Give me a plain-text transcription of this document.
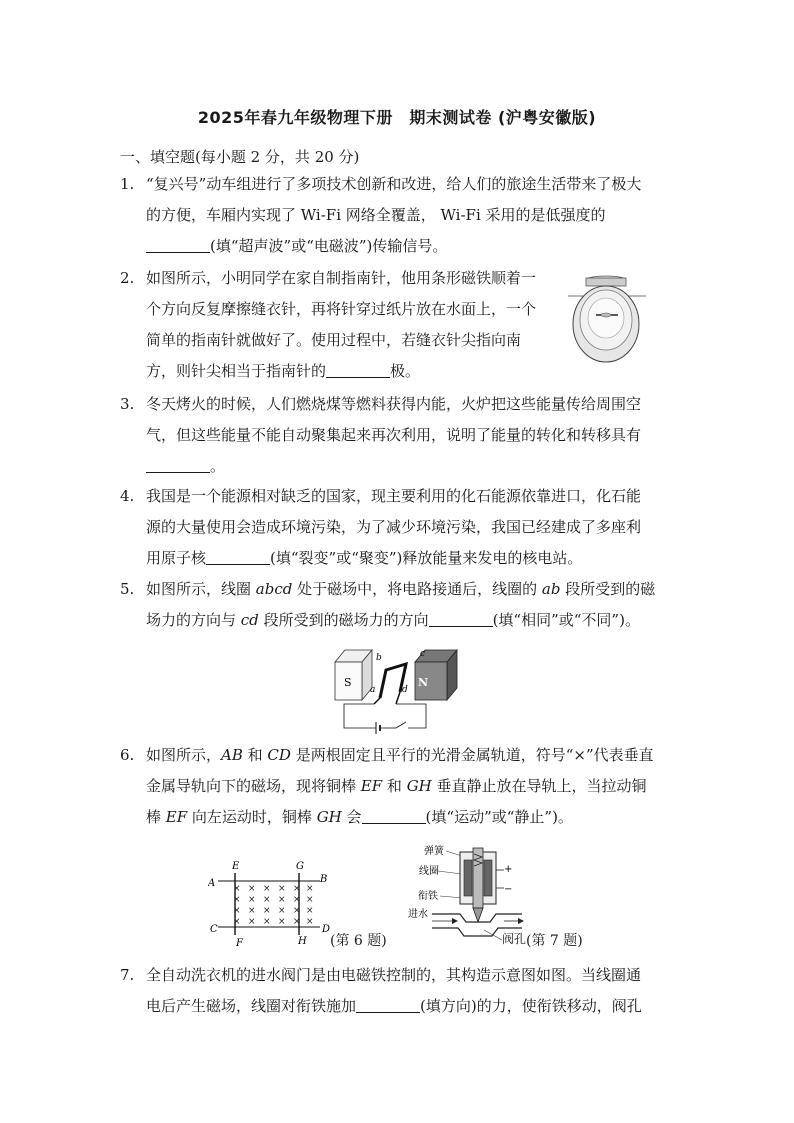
2025年春九年级物理下册　期末测试卷 (沪粤安徽版)
一、填空题(每小题 2 分，共 20 分)
1. “复兴号”动车组进行了多项技术创新和改进，给人们的旅途生活带来了极大
的方便，车厢内实现了 Wi-Fi 网络全覆盖， Wi-Fi 采用的是低强度的
(填“超声波”或“电磁波”)传输信号。
2. 如图所示，小明同学在家自制指南针，他用条形磁铁顺着一
个方向反复摩擦缝衣针，再将针穿过纸片放在水面上，一个
简单的指南针就做好了。使用过程中，若缝衣针尖指向南
方，则针尖相当于指南针的	极。
3. 冬天烤火的时候，人们燃烧煤等燃料获得内能，火炉把这些能量传给周围空
气，但这些能量不能自动聚集起来再次利用，说明了能量的转化和转移具有
。
4. 我国是一个能源相对缺乏的国家，现主要利用的化石能源依靠进口，化石能
源的大量使用会造成环境污染，为了减少环境污染，我国已经建成了多座利
用原子核	(填“裂变”或“聚变”)释放能量来发电的核电站。
5. 如图所示，线圈 abcd 处于磁场中，将电路接通后，线圈的 ab 段所受到的磁
场力的方向与 cd 段所受到的磁场力的方向	(填“相同”或“不同”)。
S	N
b	c
a	d
6. 如图所示，AB 和 CD 是两根固定且平行的光滑金属轨道，符号“×”代表垂直
金属导轨向下的磁场，现将铜棒 EF 和 GH 垂直静止放在导轨上，当拉动铜
棒 EF 向左运动时，铜棒 GH 会	(填“运动”或“静止”)。
A	B
C	D
E
F
G
H
× × × × × ×
× × × × × ×
× × × × × ×
× × × × × ×
(第 6 题)
弹簧
线圈
衔铁
进水
+
−
阀孔 (第 7 题)
7. 全自动洗衣机的进水阀门是由电磁铁控制的，其构造示意图如图。当线圈通
电后产生磁场，线圈对衔铁施加	(填方向)的力，使衔铁移动，阀孔
